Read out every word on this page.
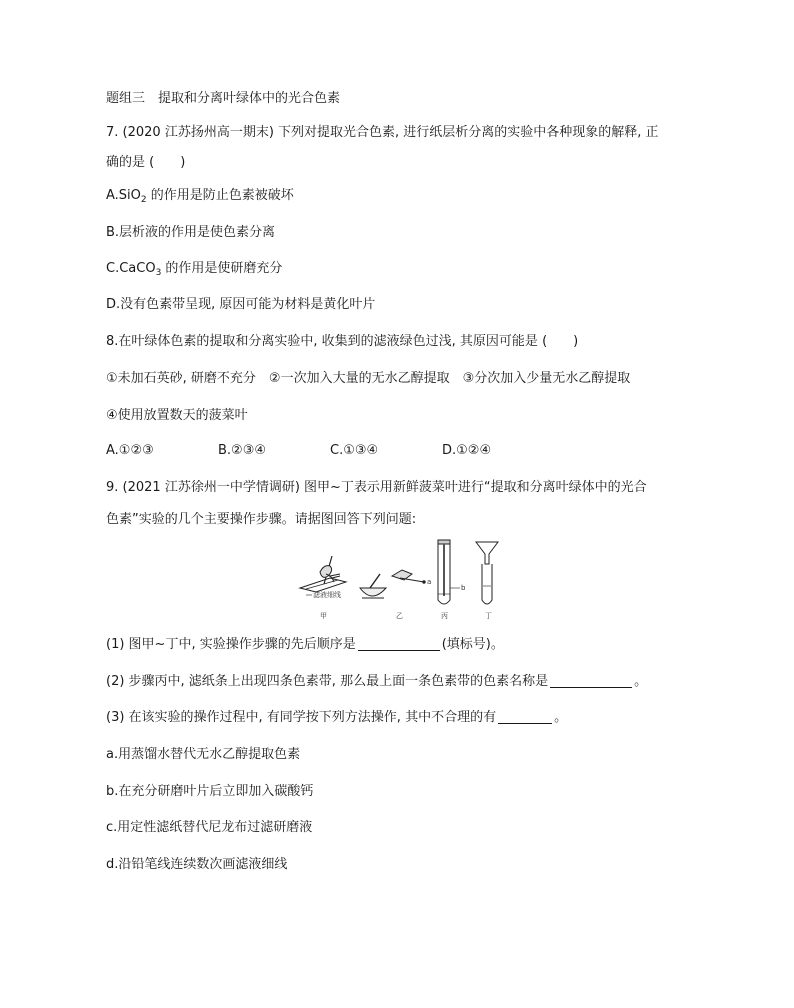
题组三　提取和分离叶绿体中的光合色素
7. (2020 江苏扬州高一期末) 下列对提取光合色素, 进行纸层析分离的实验中各种现象的解释, 正
确的是 (　　)
A.SiO$_2$ 的作用是防止色素被破坏
B.层析液的作用是使色素分离
C.CaCO$_3$ 的作用是使研磨充分
D.没有色素带呈现, 原因可能为材料是黄化叶片
8.在叶绿体色素的提取和分离实验中, 收集到的滤液绿色过浅, 其原因可能是 (　　)
①未加石英砂, 研磨不充分　②一次加入大量的无水乙醇提取　③分次加入少量无水乙醇提取
④使用放置数天的菠菜叶
A.①②③	B.②③④	C.①③④	D.①②④
9. (2021 江苏徐州一中学情调研) 图甲~丁表示用新鲜菠菜叶进行“提取和分离叶绿体中的光合
色素”实验的几个主要操作步骤。请据图回答下列问题:
滤液细线
甲
a
乙
b
丙	丁
(1) 图甲~丁中, 实验操作步骤的先后顺序是	(填标号)。
(2) 步骤丙中, 滤纸条上出现四条色素带, 那么最上面一条色素带的色素名称是	。
(3) 在该实验的操作过程中, 有同学按下列方法操作, 其中不合理的有	。
a.用蒸馏水替代无水乙醇提取色素
b.在充分研磨叶片后立即加入碳酸钙
c.用定性滤纸替代尼龙布过滤研磨液
d.沿铅笔线连续数次画滤液细线
